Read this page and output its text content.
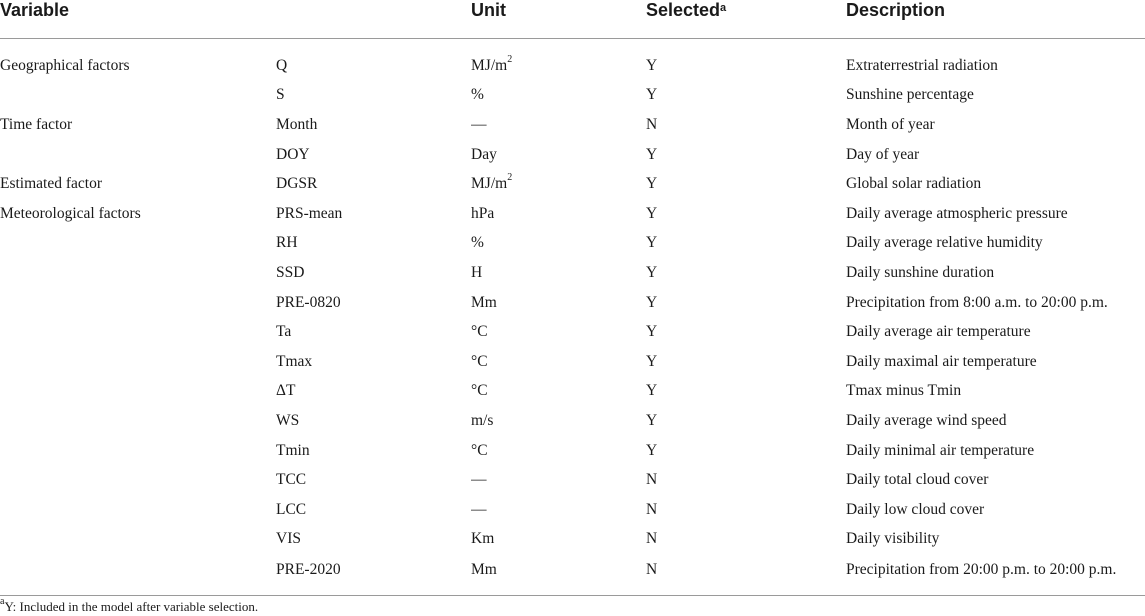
Variable		Unit	Selected$^a$	Description
Geographical factors	Q	$MJ/m^2$	Y	Extraterrestrial radiation
	S	%	Y	Sunshine percentage
Time factor	Month	—	N	Month of year
	DOY	Day	Y	Day of year
Estimated factor	DGSR	$MJ/m^2$	Y	Global solar radiation
Meteorological factors	PRS-mean	hPa	Y	Daily average atmospheric pressure
	RH	%	Y	Daily average relative humidity
	SSD	H	Y	Daily sunshine duration
	PRE-0820	Mm	Y	Precipitation from 8:00 a.m. to 20:00 p.m.
	Ta	°C	Y	Daily average air temperature
	Tmax	°C	Y	Daily maximal air temperature
	ΔT	°C	Y	Tmax minus Tmin
	WS	m/s	Y	Daily average wind speed
	Tmin	°C	Y	Daily minimal air temperature
	TCC	—	N	Daily total cloud cover
	LCC	—	N	Daily low cloud cover
	VIS	Km	N	Daily visibility
	PRE-2020	Mm	N	Precipitation from 20:00 p.m. to 20:00 p.m.
$^a$Y: Included in the model after variable selection.
